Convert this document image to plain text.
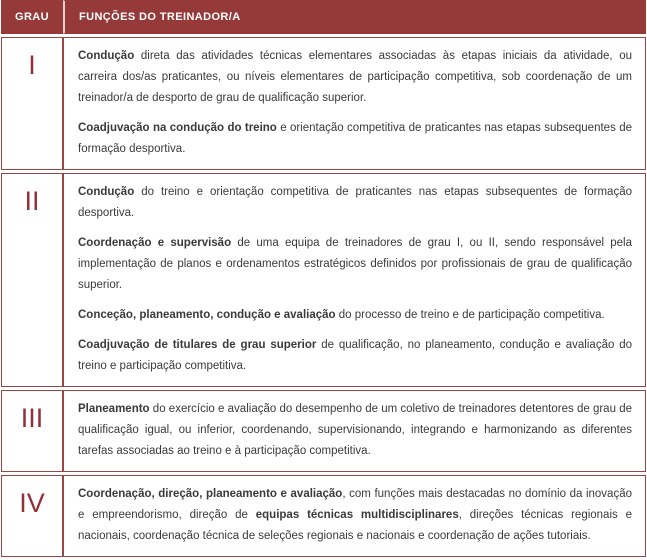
GRAU	FUNÇÕES DO TREINADOR/A
I	Condução direta das atividades técnicas elementares associadas às etapas iniciais da atividade, ou carreira dos/as praticantes, ou níveis elementares de participação competitiva, sob coordenação de um treinador/a de desporto de grau de qualificação superior.

Coadjuvação na condução do treino e orientação competitiva de praticantes nas etapas subsequentes de formação desportiva.

II	Condução do treino e orientação competitiva de praticantes nas etapas subsequentes de formação desportiva.

Coordenação e supervisão de uma equipa de treinadores de grau I, ou II, sendo responsável pela implementação de planos e ordenamentos estratégicos definidos por profissionais de grau de qualificação superior.

Conceção, planeamento, condução e avaliação do processo de treino e de participação competitiva.

Coadjuvação de titulares de grau superior de qualificação, no planeamento, condução e avaliação do treino e participação competitiva.

III	Planeamento do exercício e avaliação do desempenho de um coletivo de treinadores detentores de grau de qualificação igual, ou inferior, coordenando, supervisionando, integrando e harmonizando as diferentes tarefas associadas ao treino e à participação competitiva.

IV	Coordenação, direção, planeamento e avaliação, com funções mais destacadas no domínio da inovação e empreendorismo, direção de equipas técnicas multidisciplinares, direções técnicas regionais e nacionais, coordenação técnica de seleções regionais e nacionais e coordenação de ações tutoriais.
